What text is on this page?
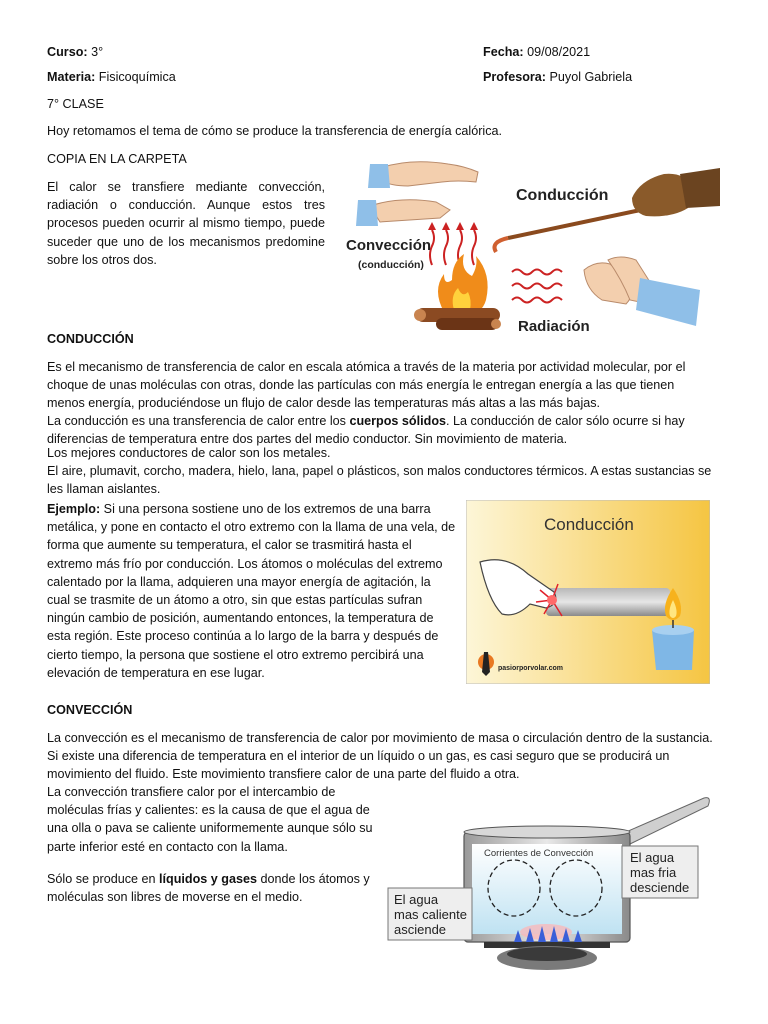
Curso: 3°	Fecha: 09/08/2021
Materia: Fisicoquímica	Profesora: Puyol Gabriela
7° CLASE
Hoy retomamos el tema de cómo se produce la transferencia de energía calórica.
COPIA EN LA CARPETA
El calor se transfiere mediante convección, radiación o conducción. Aunque estos tres procesos pueden ocurrir al mismo tiempo, puede suceder que uno de los mecanismos predomine sobre los otros dos.
Conducción
Convección
(conducción)
Radiación
CONDUCCIÓN
Es el mecanismo de transferencia de calor en escala atómica a través de la materia por actividad molecular, por el choque de unas moléculas con otras, donde las partículas con más energía le entregan energía a las que tienen menos energía, produciéndose un flujo de calor desde las temperaturas más altas a las más bajas.
La conducción es una transferencia de calor entre los cuerpos sólidos. La conducción de calor sólo ocurre si hay diferencias de temperatura entre dos partes del medio conductor. Sin movimiento de materia.
Los mejores conductores de calor son los metales.
El aire, plumavit, corcho, madera, hielo, lana, papel o plásticos, son malos conductores térmicos. A estas sustancias se les llaman aislantes.
Ejemplo: Si una persona sostiene uno de los extremos de una barra metálica, y pone en contacto el otro extremo con la llama de una vela, de forma que aumente su temperatura, el calor se trasmitirá hasta el extremo más frío por conducción. Los átomos o moléculas del extremo calentado por la llama, adquieren una mayor energía de agitación, la cual se trasmite de un átomo a otro, sin que estas partículas sufran ningún cambio de posición, aumentando entonces, la temperatura de esta región. Este proceso continúa a lo largo de la barra y después de cierto tiempo, la persona que sostiene el otro extremo percibirá una elevación de temperatura en ese lugar.
Conducción
pasiorporvolar.com
CONVECCIÓN
La convección es el mecanismo de transferencia de calor por movimiento de masa o circulación dentro de la sustancia. Si existe una diferencia de temperatura en el interior de un líquido o un gas, es casi seguro que se producirá un movimiento del fluido. Este movimiento transfiere calor de una parte del fluido a otra.
La convección transfiere calor por el intercambio de moléculas frías y calientes: es la causa de que el agua de una olla o pava se caliente uniformemente aunque sólo su parte inferior esté en contacto con la llama.
Sólo se produce en líquidos y gases donde los átomos y moléculas son libres de moverse en el medio.
Corrientes de Convección	El agua
mas fria
desciende
El agua
mas caliente
asciende
